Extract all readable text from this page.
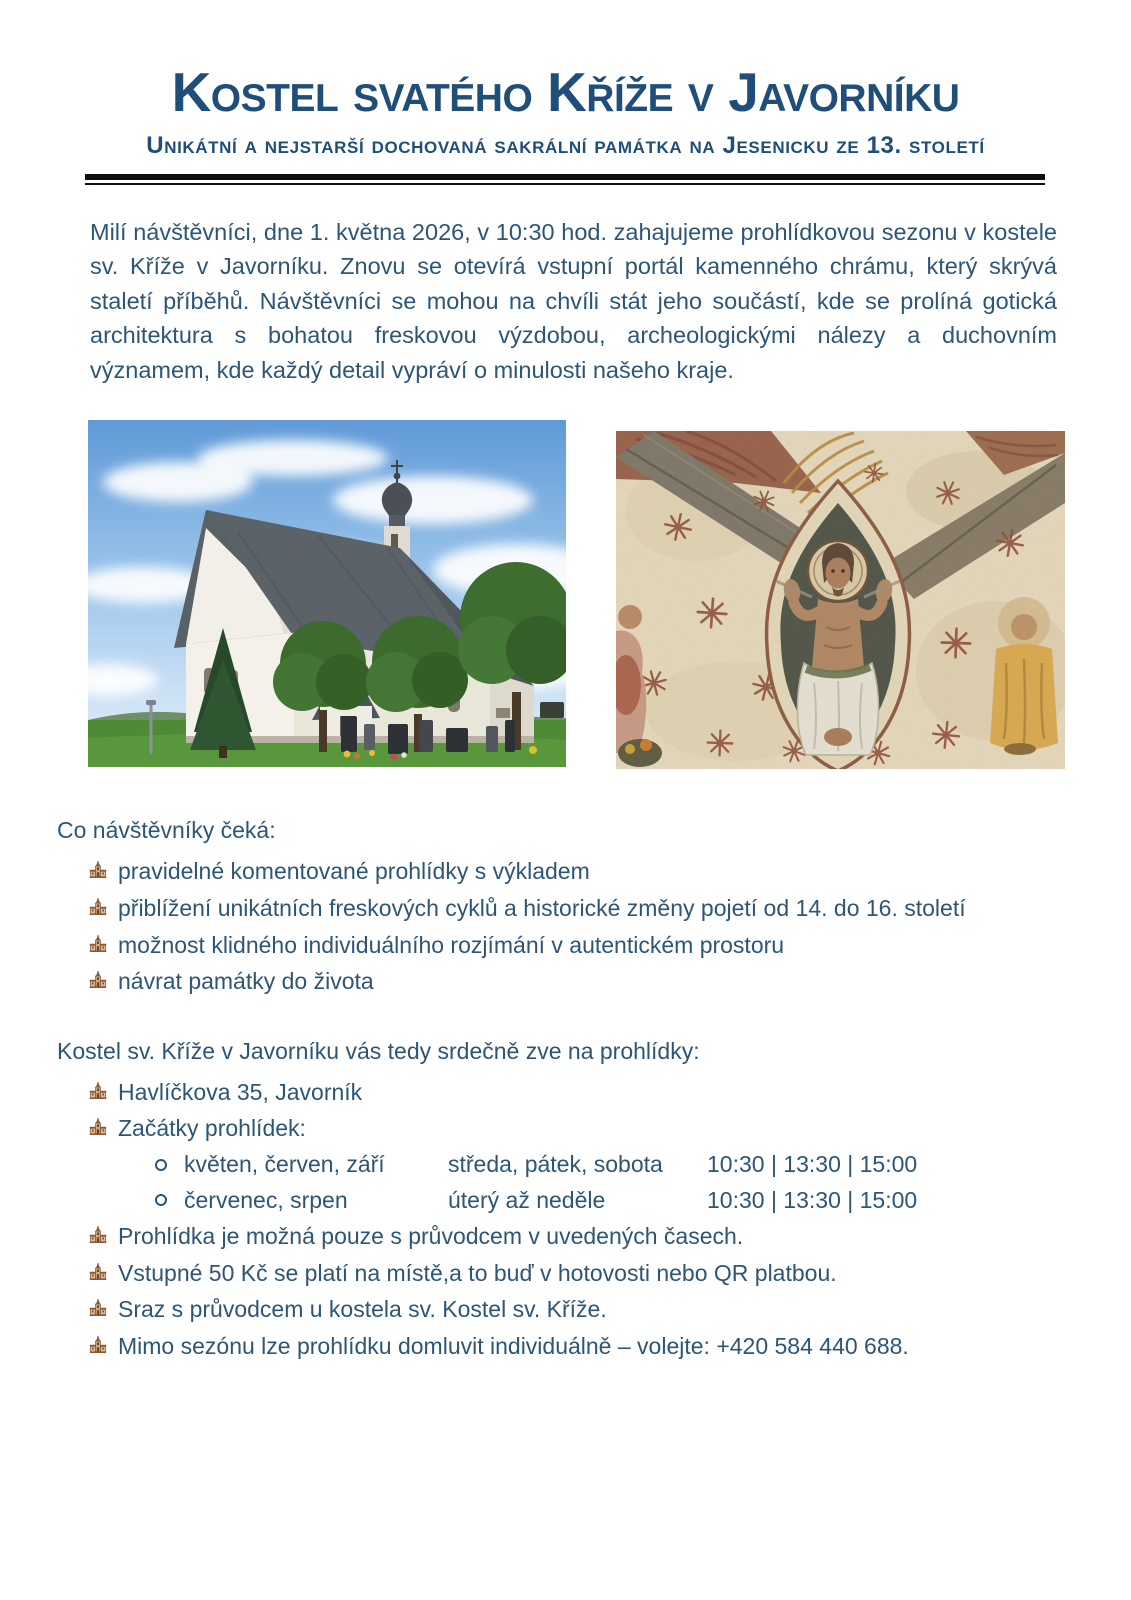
Kostel svatého Kříže v Javorníku
Unikátní a nejstarší dochovaná sakrální památka na Jesenicku ze 13. století

Milí návštěvníci, dne 1. května 2026, v 10:30 hod. zahajujeme prohlídkovou sezonu v kostele sv. Kříže v Javorníku. Znovu se otevírá vstupní portál kamenného chrámu, který skrývá staletí příběhů. Návštěvníci se mohou na chvíli stát jeho součástí, kde se prolíná gotická architektura s bohatou freskovou výzdobou, archeologickými nálezy a duchovním významem, kde každý detail vypráví o minulosti našeho kraje.

Co návštěvníky čeká:
pravidelné komentované prohlídky s výkladem
přiblížení unikátních freskových cyklů a historické změny pojetí od 14. do 16. století
možnost klidného individuálního rozjímání v autentickém prostoru
návrat památky do života
Kostel sv. Kříže v Javorníku vás tedy srdečně zve na prohlídky:
Havlíčkova 35, Javorník
Začátky prohlídek:
květen, červen, září	středa, pátek, sobota	10:30 | 13:30 | 15:00
červenec, srpen	úterý až neděle	10:30 | 13:30 | 15:00
Prohlídka je možná pouze s průvodcem v uvedených časech.
Vstupné 50 Kč se platí na místě,a to buď v hotovosti nebo QR platbou.
Sraz s průvodcem u kostela sv. Kostel sv. Kříže.
Mimo sezónu lze prohlídku domluvit individuálně – volejte: +420 584 440 688.
